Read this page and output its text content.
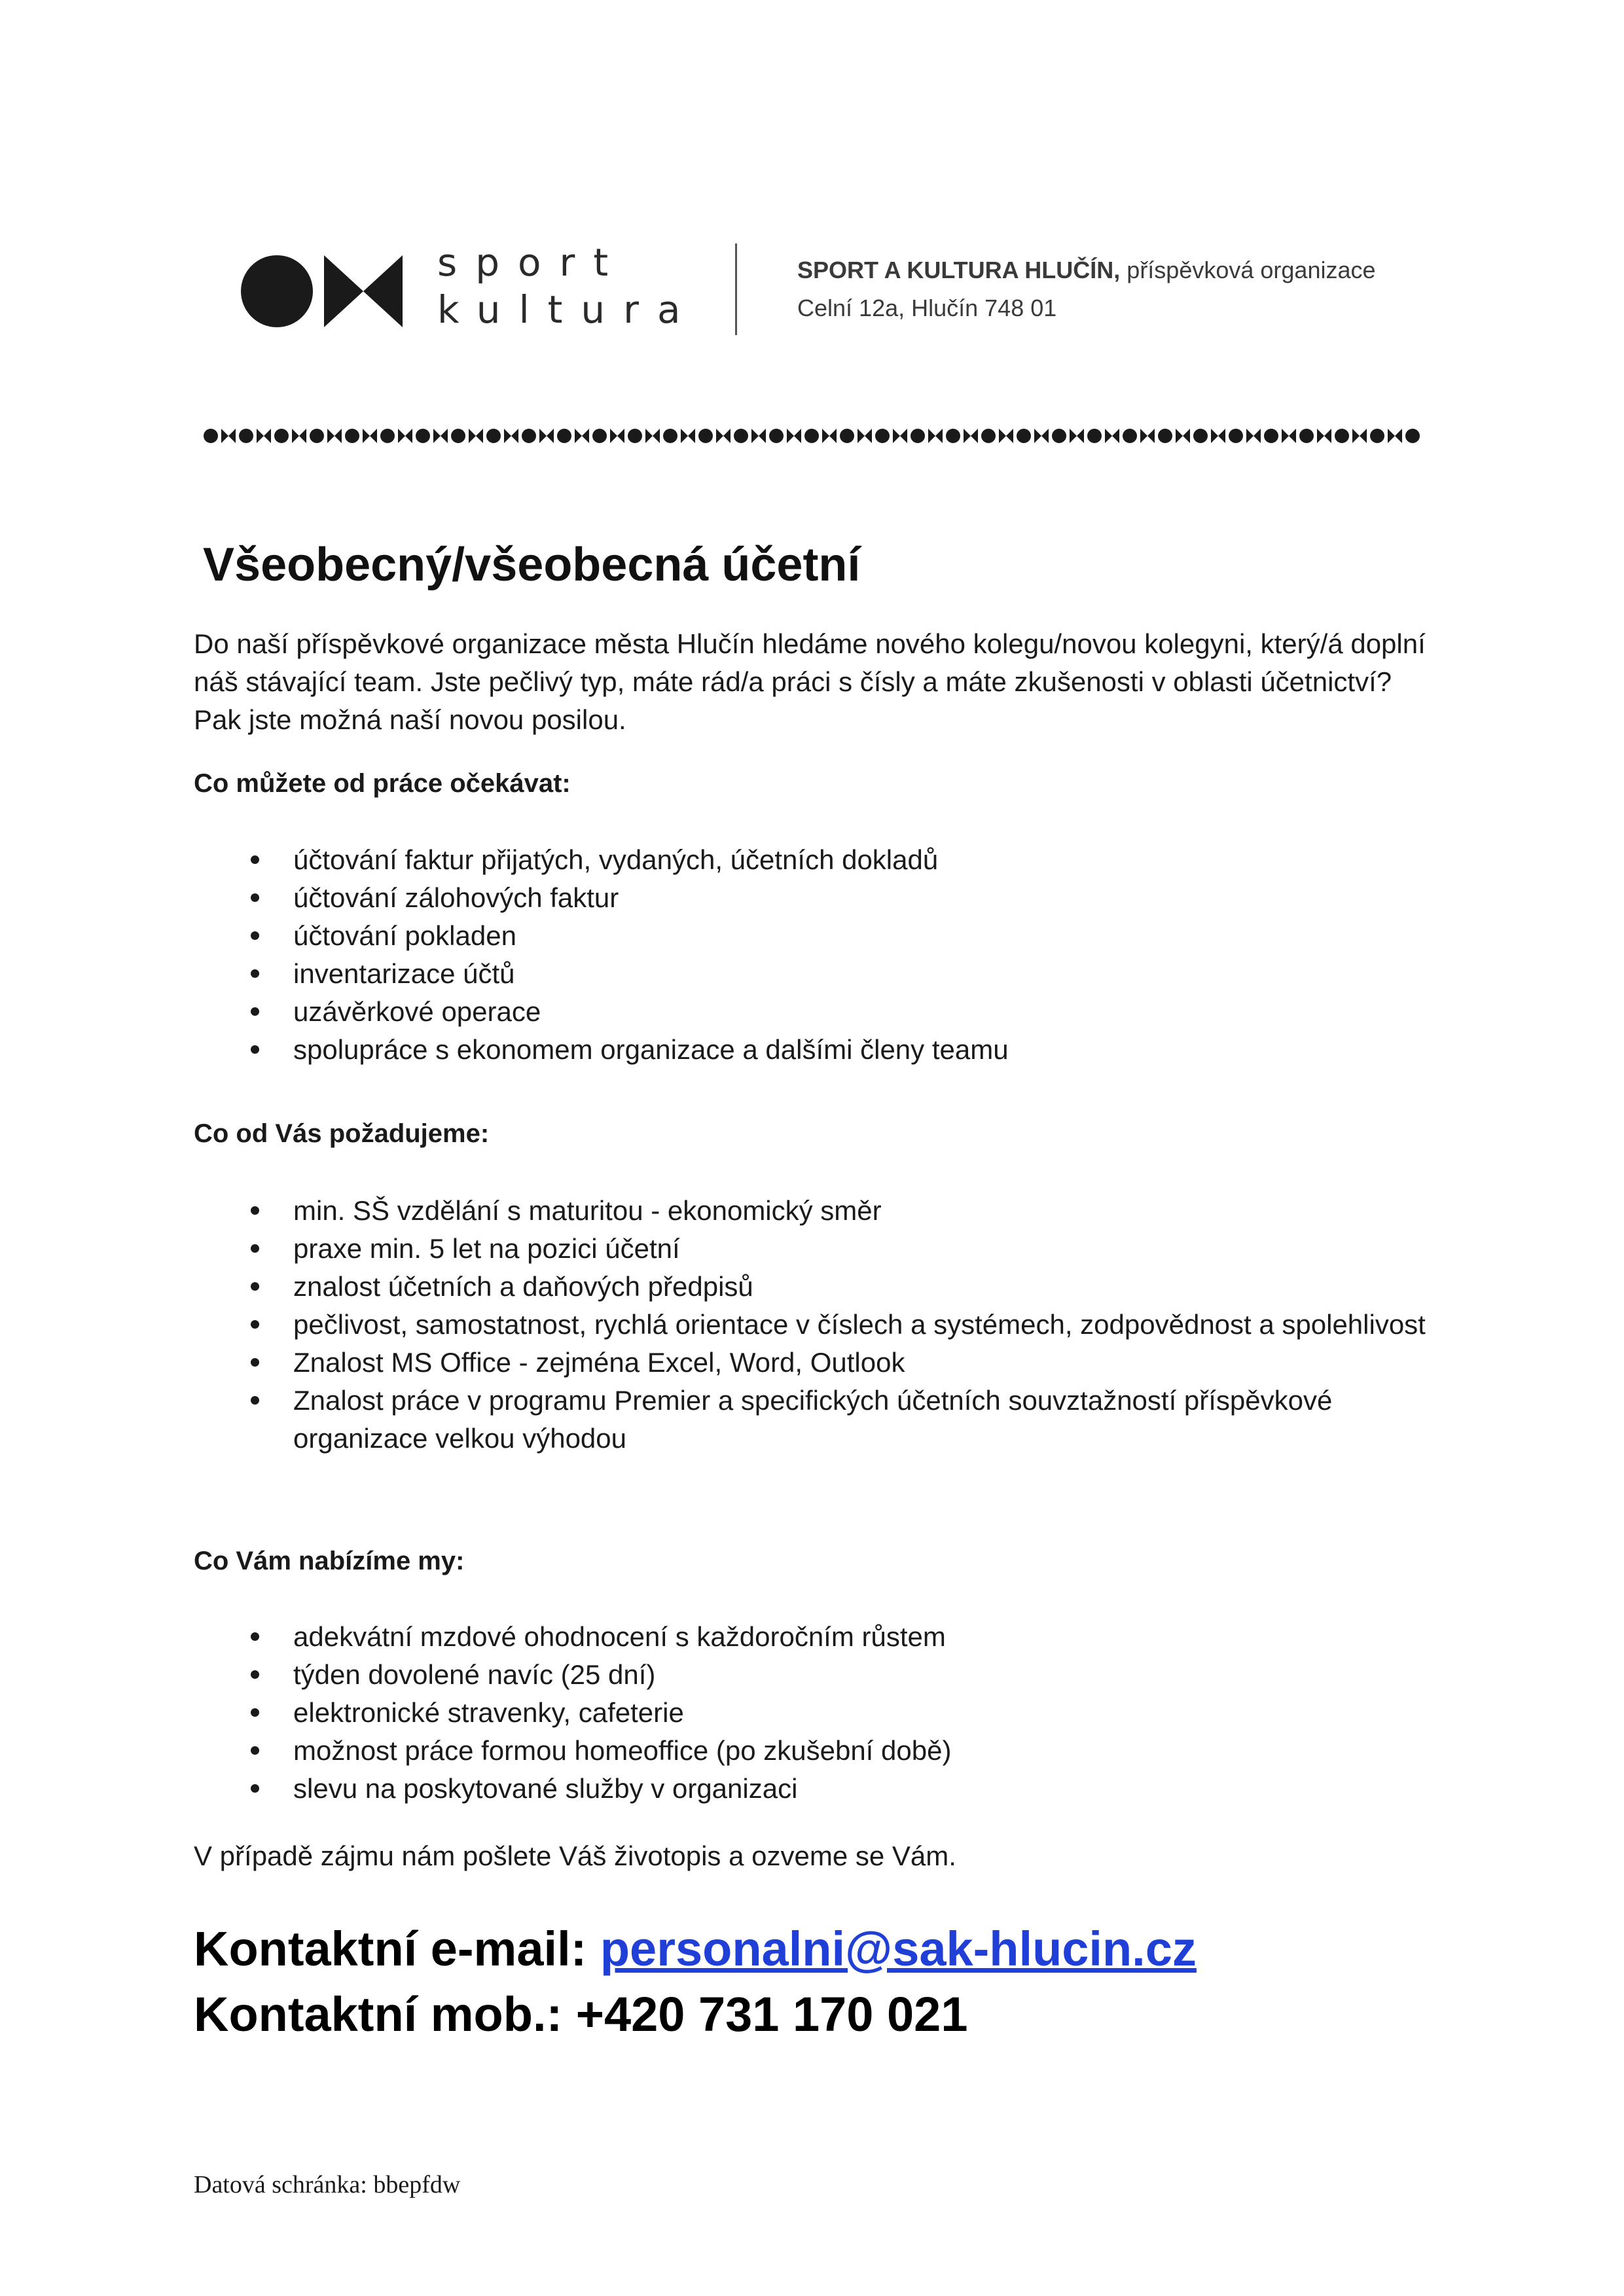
sport
kultura
SPORT A KULTURA HLUČÍN, příspěvková organizace
Celní 12a, Hlučín 748 01
Všeobecný/všeobecná účetní
Do naší příspěvkové organizace města Hlučín hledáme nového kolegu/novou kolegyni, který/á doplní náš stávající team. Jste pečlivý typ, máte rád/a práci s čísly a máte zkušenosti v oblasti účetnictví? Pak jste možná naší novou posilou.
Co můžete od práce očekávat:
účtování faktur přijatých, vydaných, účetních dokladů
účtování zálohových faktur
účtování pokladen
inventarizace účtů
uzávěrkové operace
spolupráce s ekonomem organizace a dalšími členy teamu
Co od Vás požadujeme:
min. SŠ vzdělání s maturitou - ekonomický směr
praxe min. 5 let na pozici účetní
znalost účetních a daňových předpisů
pečlivost, samostatnost, rychlá orientace v číslech a systémech, zodpovědnost a spolehlivost
Znalost MS Office - zejména Excel, Word, Outlook
Znalost práce v programu Premier a specifických účetních souvztažností příspěvkové organizace velkou výhodou
Co Vám nabízíme my:
adekvátní mzdové ohodnocení s každoročním růstem
týden dovolené navíc (25 dní)
elektronické stravenky, cafeterie
možnost práce formou homeoffice (po zkušební době)
slevu na poskytované služby v organizaci
V případě zájmu nám pošlete Váš životopis a ozveme se Vám.
Kontaktní e-mail: personalni@sak-hlucin.cz
Kontaktní mob.: +420 731 170 021
Datová schránka: bbepfdw
